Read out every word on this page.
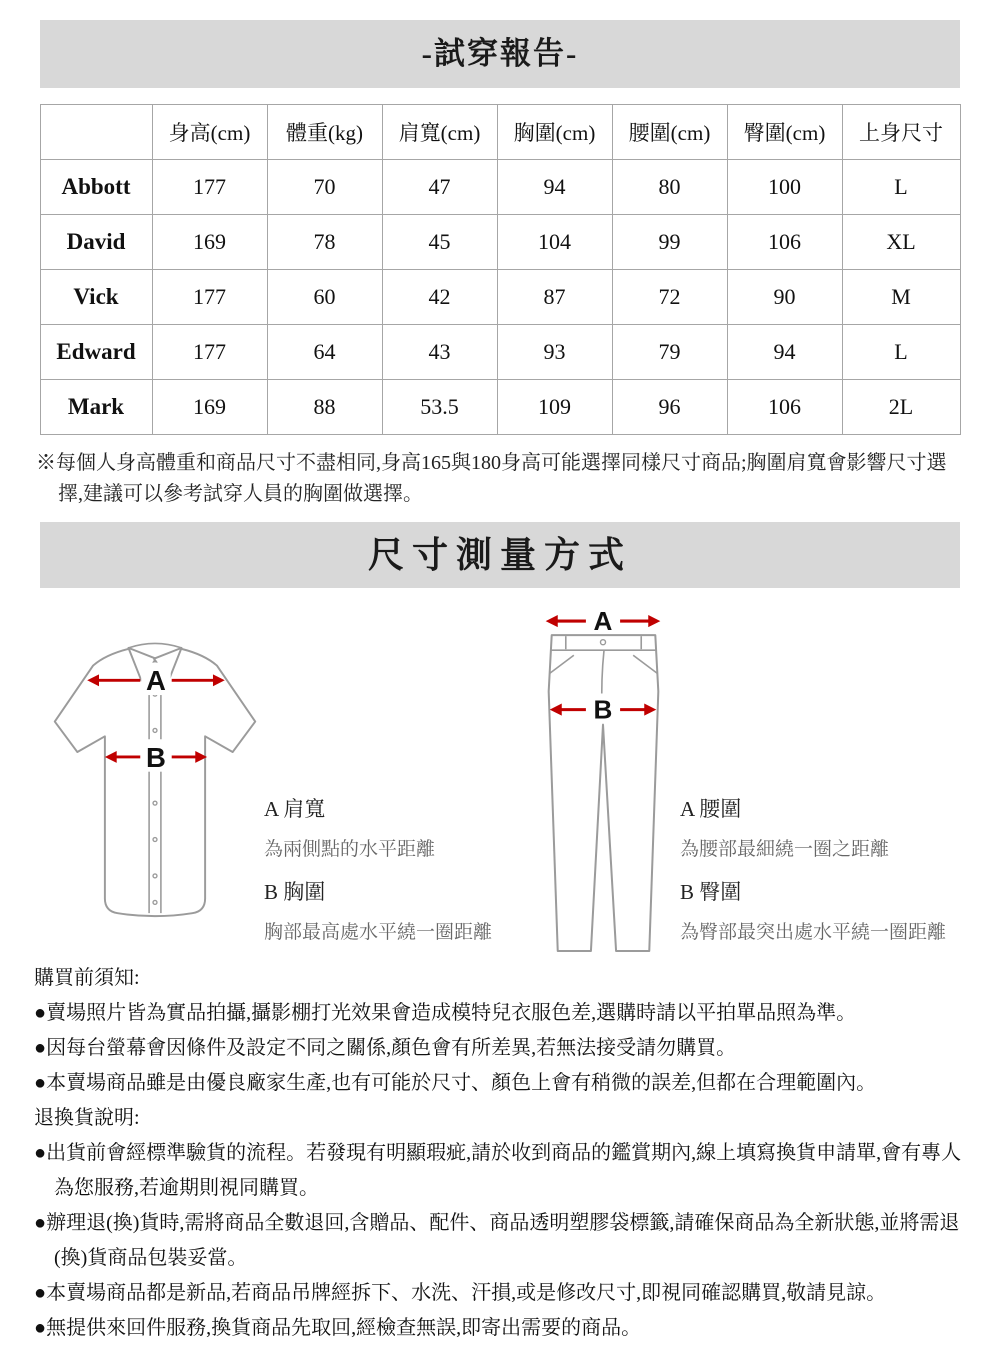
-試穿報告-
	身高(cm)	體重(kg)	肩寬(cm)	胸圍(cm)	腰圍(cm)	臀圍(cm)	上身尺寸
Abbott	177	70	47	94	80	100	L
David	169	78	45	104	99	106	XL
Vick	177	60	42	87	72	90	M
Edward	177	64	43	93	79	94	L
Mark	169	88	53.5	109	96	106	2L

※每個人身高體重和商品尺寸不盡相同,身高165與180身高可能選擇同樣尺寸商品;胸圍肩寬會影響尺寸選擇,建議可以參考試穿人員的胸圍做選擇。

尺寸測量方式
A
B
A
B
A 肩寬
為兩側點的水平距離
B 胸圍
胸部最高處水平繞一圈距離
A 腰圍
為腰部最細繞一圈之距離
B 臀圍
為臀部最突出處水平繞一圈距離

購買前須知:

●賣場照片皆為實品拍攝,攝影棚打光效果會造成模特兒衣服色差,選購時請以平拍單品照為準。

●因每台螢幕會因條件及設定不同之關係,顏色會有所差異,若無法接受請勿購買。

●本賣場商品雖是由優良廠家生產,也有可能於尺寸、顏色上會有稍微的誤差,但都在合理範圍內。

退換貨說明:

●出貨前會經標準驗貨的流程。若發現有明顯瑕疵,請於收到商品的鑑賞期內,線上填寫換貨申請單,會有專人為您服務,若逾期則視同購買。

●辦理退(換)貨時,需將商品全數退回,含贈品、配件、商品透明塑膠袋標籤,請確保商品為全新狀態,並將需退(換)貨商品包裝妥當。

●本賣場商品都是新品,若商品吊牌經拆下、水洗、汗損,或是修改尺寸,即視同確認購買,敬請見諒。

●無提供來回件服務,換貨商品先取回,經檢查無誤,即寄出需要的商品。
